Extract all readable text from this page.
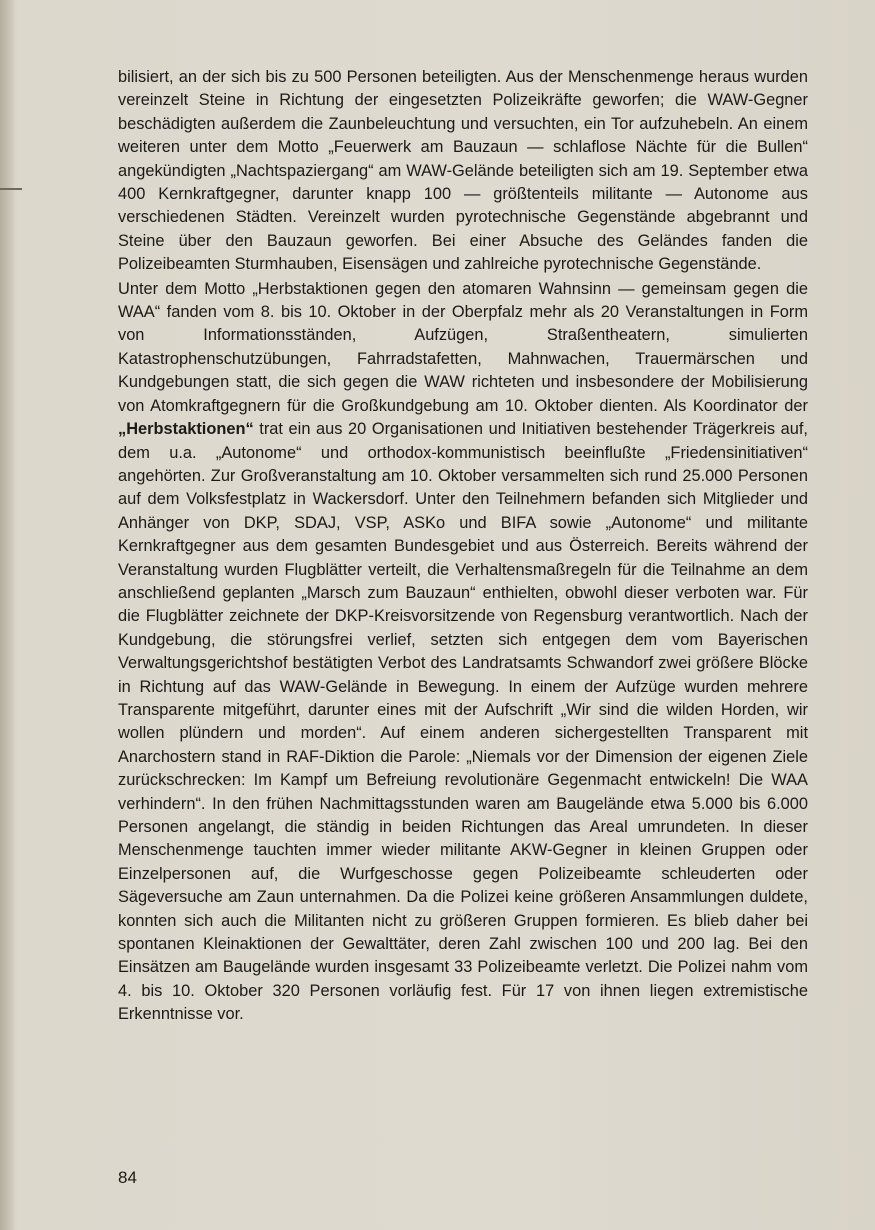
bilisiert, an der sich bis zu 500 Personen beteiligten. Aus der Menschenmenge heraus wurden vereinzelt Steine in Richtung der eingesetzten Polizeikräfte geworfen; die WAW-Gegner beschädigten außerdem die Zaunbeleuchtung und versuchten, ein Tor aufzuhebeln. An einem weiteren unter dem Motto „Feuerwerk am Bauzaun — schlaflose Nächte für die Bullen“ angekündigten „Nachtspaziergang“ am WAW-Gelände beteiligten sich am 19. September etwa 400 Kernkraftgegner, darunter knapp 100 — größtenteils militante — Autonome aus verschiedenen Städten. Vereinzelt wurden pyrotechnische Gegenstände abgebrannt und Steine über den Bauzaun geworfen. Bei einer Absuche des Geländes fanden die Polizeibeamten Sturmhauben, Eisensägen und zahlreiche pyrotechnische Gegenstände.

Unter dem Motto „Herbstaktionen gegen den atomaren Wahnsinn — gemeinsam gegen die WAA“ fanden vom 8. bis 10. Oktober in der Oberpfalz mehr als 20 Veranstaltungen in Form von Informationsständen, Aufzügen, Straßentheatern, simulierten Katastrophenschutzübungen, Fahrradstafetten, Mahnwachen, Trauermärschen und Kundgebungen statt, die sich gegen die WAW richteten und insbesondere der Mobilisierung von Atomkraftgegnern für die Großkundgebung am 10. Oktober dienten. Als Koordinator der „Herbstaktionen“ trat ein aus 20 Organisationen und Initiativen bestehender Trägerkreis auf, dem u.a. „Autonome“ und orthodox-kommunistisch beeinflußte „Friedensinitiativen“ angehörten. Zur Großveranstaltung am 10. Oktober versammelten sich rund 25.000 Personen auf dem Volksfestplatz in Wackersdorf. Unter den Teilnehmern befanden sich Mitglieder und Anhänger von DKP, SDAJ, VSP, ASKo und BIFA sowie „Autonome“ und militante Kernkraftgegner aus dem gesamten Bundesgebiet und aus Österreich. Bereits während der Veranstaltung wurden Flugblätter verteilt, die Verhaltensmaßregeln für die Teilnahme an dem anschließend geplanten „Marsch zum Bauzaun“ enthielten, obwohl dieser verboten war. Für die Flugblätter zeichnete der DKP-Kreisvorsitzende von Regensburg verantwortlich. Nach der Kundgebung, die störungsfrei verlief, setzten sich entgegen dem vom Bayerischen Verwaltungsgerichtshof bestätigten Verbot des Landratsamts Schwandorf zwei größere Blöcke in Richtung auf das WAW-Gelände in Bewegung. In einem der Aufzüge wurden mehrere Transparente mitgeführt, darunter eines mit der Aufschrift „Wir sind die wilden Horden, wir wollen plündern und morden“. Auf einem anderen sichergestellten Transparent mit Anarchostern stand in RAF-Diktion die Parole: „Niemals vor der Dimension der eigenen Ziele zurückschrecken: Im Kampf um Befreiung revolutionäre Gegenmacht entwickeln! Die WAA verhindern“. In den frühen Nachmittagsstunden waren am Baugelände etwa 5.000 bis 6.000 Personen angelangt, die ständig in beiden Richtungen das Areal umrundeten. In dieser Menschenmenge tauchten immer wieder militante AKW-Gegner in kleinen Gruppen oder Einzelpersonen auf, die Wurfgeschosse gegen Polizeibeamte schleuderten oder Sägeversuche am Zaun unternahmen. Da die Polizei keine größeren Ansammlungen duldete, konnten sich auch die Militanten nicht zu größeren Gruppen formieren. Es blieb daher bei spontanen Kleinaktionen der Gewalttäter, deren Zahl zwischen 100 und 200 lag. Bei den Einsätzen am Baugelände wurden insgesamt 33 Polizeibeamte verletzt. Die Polizei nahm vom 4. bis 10. Oktober 320 Personen vorläufig fest. Für 17 von ihnen liegen extremistische Erkenntnisse vor.

84
